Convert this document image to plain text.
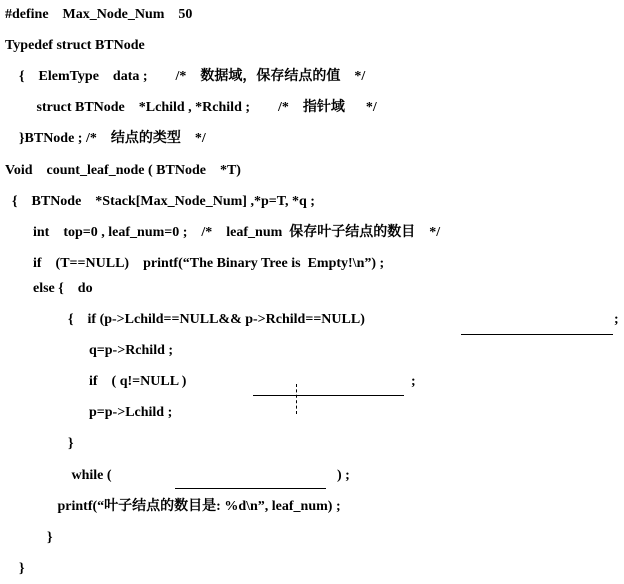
#define    Max_Node_Num    50
Typedef struct BTNode
{    ElemType    data ;        /*    数据域，保存结点的值    */
struct BTNode    *Lchild , *Rchild ;        /*    指针域      */
}BTNode ; /*    结点的类型    */
Void    count_leaf_node ( BTNode    *T)
{    BTNode    *Stack[Max_Node_Num] ,*p=T, *q ;
int    top=0 , leaf_num=0 ;    /*    leaf_num  保存叶子结点的数目    */
if    (T==NULL)    printf(“The Binary Tree is  Empty!\n”) ;
else {    do
{    if (p->Lchild==NULL&& p->Rchild==NULL)	;
q=p->Rchild ;
if    ( q!=NULL )	;
p=p->Lchild ;
}
while (	) ;
printf(“叶子结点的数目是: %d\n”, leaf_num) ;
}
}
